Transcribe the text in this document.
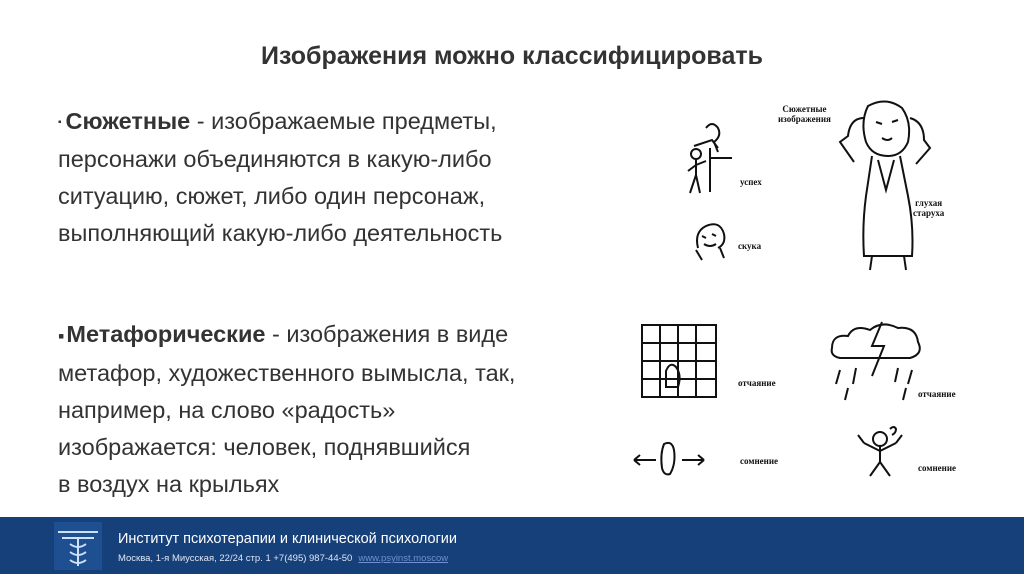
Изображения можно классифицировать
▪ Сюжетные - изображаемые предметы,
персонажи объединяются в какую-либо
ситуацию, сюжет, либо один персонаж,
выполняющий какую-либо деятельность
▪Метафорические - изображения в виде
метафор, художественного вымысла, так,
например, на слово «радость»
изображается: человек, поднявшийся
в воздух на крыльях
успех
скука
Сюжетные
изображения
глухая
старуха
отчаяние
отчаяние
сомнение
сомнение
Институт психотерапии и клинической психологии
Москва, 1-я Миусская, 22/24 стр. 1 +7(495) 987-44-50 www.psyinst.moscow
